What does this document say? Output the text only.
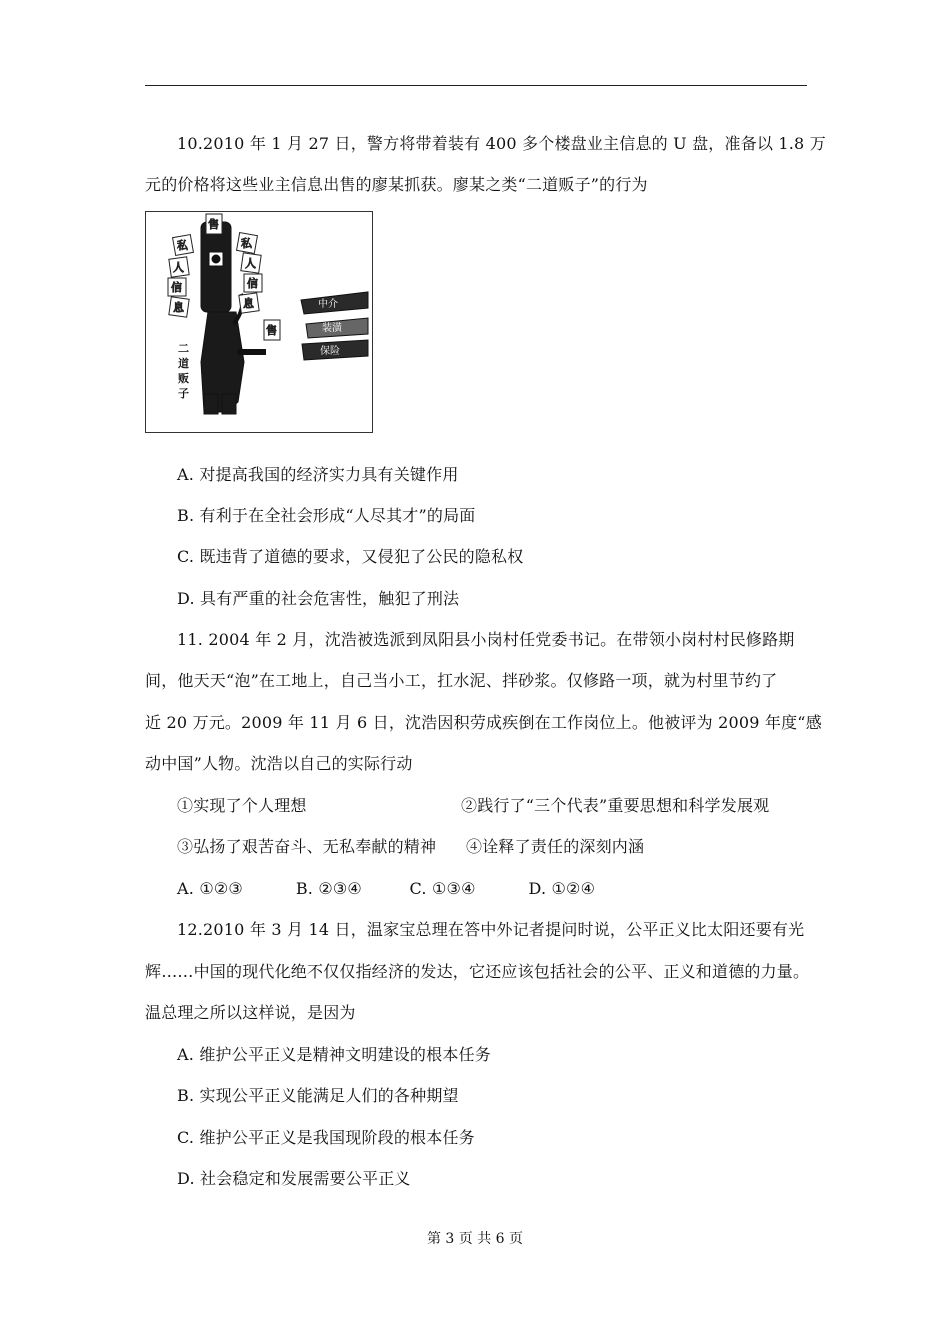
10.2010 年 1 月 27 日，警方将带着装有 400 多个楼盘业主信息的 U 盘，准备以 1.8 万
元的价格将这些业主信息出售的廖某抓获。廖某之类“二道贩子”的行为
售
私
人
信
息
私
人
信
息
售
中介
装潢
保险
二
道
贩
子
A. 对提高我国的经济实力具有关键作用
B. 有利于在全社会形成“人尽其才”的局面
C. 既违背了道德的要求，又侵犯了公民的隐私权
D. 具有严重的社会危害性，触犯了刑法
11. 2004 年 2 月，沈浩被选派到凤阳县小岗村任党委书记。在带领小岗村村民修路期
间，他天天“泡”在工地上，自己当小工，扛水泥、拌砂浆。仅修路一项，就为村里节约了
近 20 万元。2009 年 11 月 6 日，沈浩因积劳成疾倒在工作岗位上。他被评为 2009 年度“感
动中国”人物。沈浩以自己的实际行动
①实现了个人理想	②践行了“三个代表”重要思想和科学发展观
③弘扬了艰苦奋斗、无私奉献的精神 ④诠释了责任的深刻内涵
A. ①②③          B. ②③④         C. ①③④          D. ①②④
12.2010 年 3 月 14 日，温家宝总理在答中外记者提问时说，公平正义比太阳还要有光
辉……中国的现代化绝不仅仅指经济的发达，它还应该包括社会的公平、正义和道德的力量。
温总理之所以这样说，是因为
A. 维护公平正义是精神文明建设的根本任务
B. 实现公平正义能满足人们的各种期望
C. 维护公平正义是我国现阶段的根本任务
D. 社会稳定和发展需要公平正义
第 3 页 共 6 页
